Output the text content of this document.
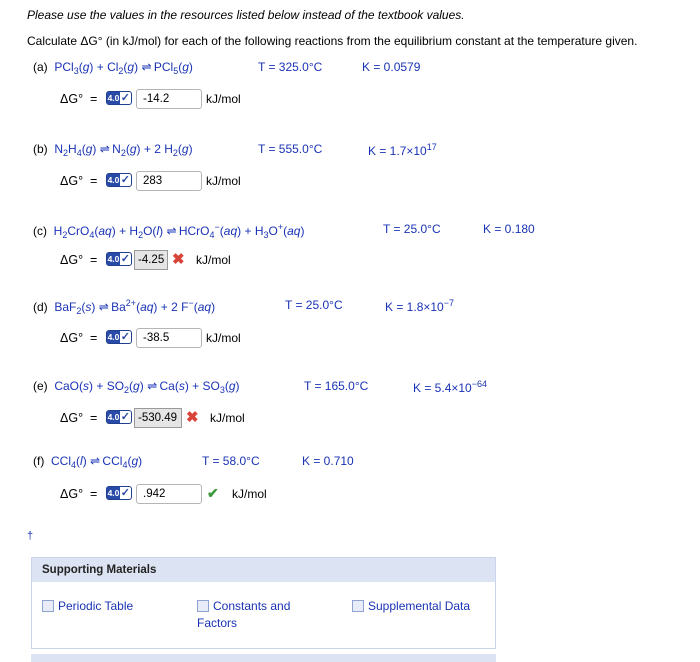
Please use the values in the resources listed below instead of the textbook values.
Calculate ΔG° (in kJ/mol) for each of the following reactions from the equilibrium constant at the temperature given.
(a)  $PCl_3(g) + Cl_2(g)$ ⇌ PCl$_5$(g)	T = 325.0°C	K = 0.0579
ΔG° = 4.0 ✓	-14.2	kJ/mol
(b)  $N_2H_4(g)$ ⇌ $N_2(g) + 2$ $H_2(g)$	T = 555.0°C	$K = 1.7\times 10^{17}$
ΔG° = 4.0 ✓	283	kJ/mol
(c)  $H_2CrO_4(aq) + H_2O(l)$ ⇌ HCrO$_4$−(aq) + $H_3O^+(aq)$	T = 25.0°C	K = 0.180
ΔG° = 4.0 ✓ -4.25 ✖ kJ/mol
(d)  BaF$_2$(s) ⇌ $Ba^{2+}(aq) + 2$ F−(aq)	T = 25.0°C	$K = 1.8\times 10^{-7}$
ΔG° = 4.0 ✓	-38.5	kJ/mol
(e)  $CaO(s) + SO_2(g)$ ⇌ $Ca(s) + SO_3(g)$	T = 165.0°C	$K = 5.4\times 10^{-64}$
ΔG° = 4.0 ✓ -530.49 ✖ kJ/mol
(f)  CCl$_4$(l) ⇌ CCl$_4$(g)	T = 58.0°C	K = 0.710
ΔG° = 4.0 ✓	.942	✔ kJ/mol
†
Supporting Materials
Periodic Table	Constants and
Factors
Supplemental Data
